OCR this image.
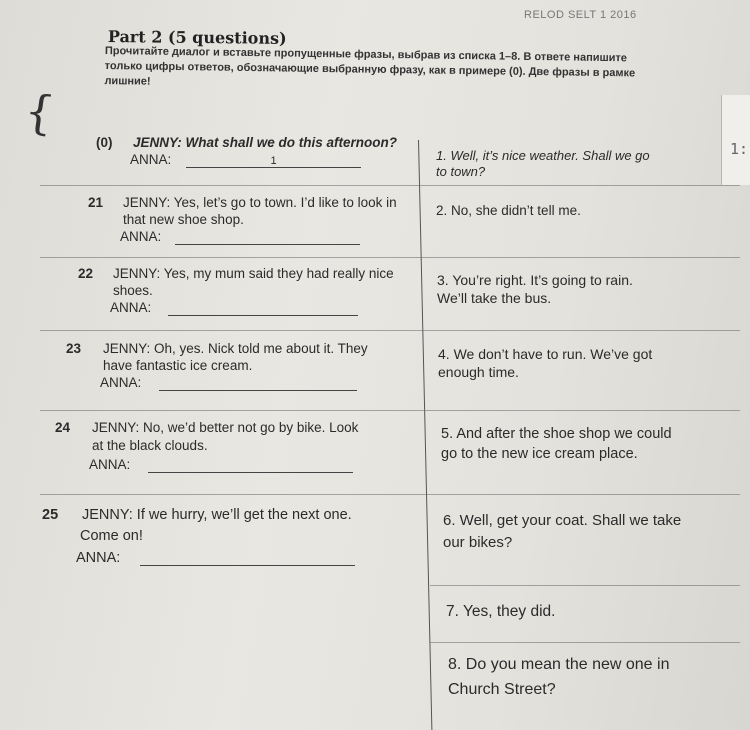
1:
RELOD SELT 1 2016
Part 2 (5 questions)
Прочитайте диалог и вставьте пропущенные фразы, выбрав из списка 1–8. В ответе напишите только цифры ответов, обозначающие выбранную фразу, как в примере (0). Две фразы в рамке лишние!
{
(0) JENNY: What shall we do this afternoon?
ANNA:	1
21 JENNY: Yes, let’s go to town. I’d like to look in
that new shoe shop.
ANNA:
22 JENNY: Yes, my mum said they had really nice
shoes.
ANNA:
23 JENNY: Oh, yes. Nick told me about it. They
have fantastic ice cream.
ANNA:
24 JENNY: No, we’d better not go by bike. Look
at the black clouds.
ANNA:
25 JENNY: If we hurry, we’ll get the next one.
Come on!
ANNA:
1. Well, it’s nice weather. Shall we go
to town?
2. No, she didn’t tell me.
3. You’re right. It’s going to rain.
We’ll take the bus.
4. We don’t have to run. We’ve got
enough time.
5. And after the shoe shop we could
go to the new ice cream place.
6. Well, get your coat. Shall we take
our bikes?
7. Yes, they did.
8. Do you mean the new one in
Church Street?
